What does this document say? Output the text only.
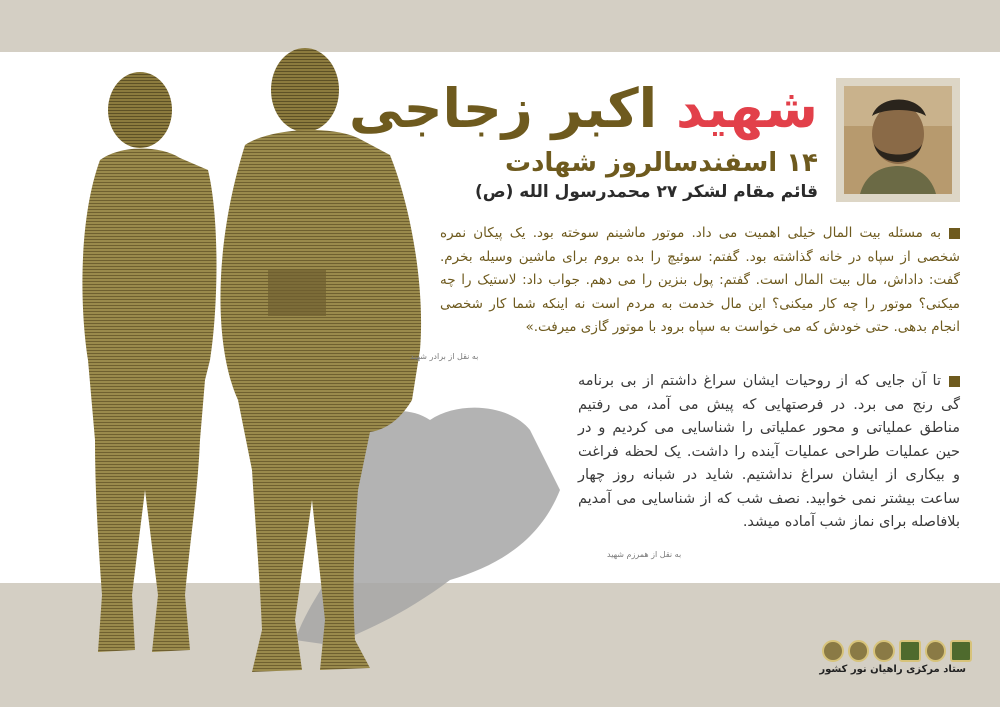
شهید اکبر زجاجی
۱۴ اسفندسالروز شهادت
قائم مقام لشکر ۲۷ محمدرسول الله (ص)
به مسئله بیت المال خیلی اهمیت می داد. موتور ماشینم سوخته بود. یک پیکان نمره شخصی از سپاه در خانه گذاشته بود. گفتم: سوئیچ را بده بروم برای ماشین وسیله بخرم. گفت: داداش، مال بیت المال است. گفتم: پول بنزین را می دهم. جواب داد: لاستیک را چه میکنی؟ موتور را چه کار میکنی؟ این مال خدمت به مردم است نه اینکه شما کار شخصی انجام بدهی. حتی خودش که می خواست به سپاه برود با موتور گازی میرفت.»
به نقل از برادر شهید
تا آن جایی که از روحیات ایشان سراغ داشتم از بی برنامه گی رنج می برد. در فرصتهایی که پیش می آمد، می رفتیم مناطق عملیاتی و محور عملیاتی را شناسایی می کردیم و در حین عملیات طراحی عملیات آینده را داشت. یک لحظه فراغت و بیکاری از ایشان سراغ نداشتیم. شاید در شبانه روز چهار ساعت بیشتر نمی خوابید. نصف شب که از شناسایی می آمدیم بلافاصله برای نماز شب آماده میشد.
به نقل از همرزم شهید
ستاد مرکزی راهیان نور کشور
